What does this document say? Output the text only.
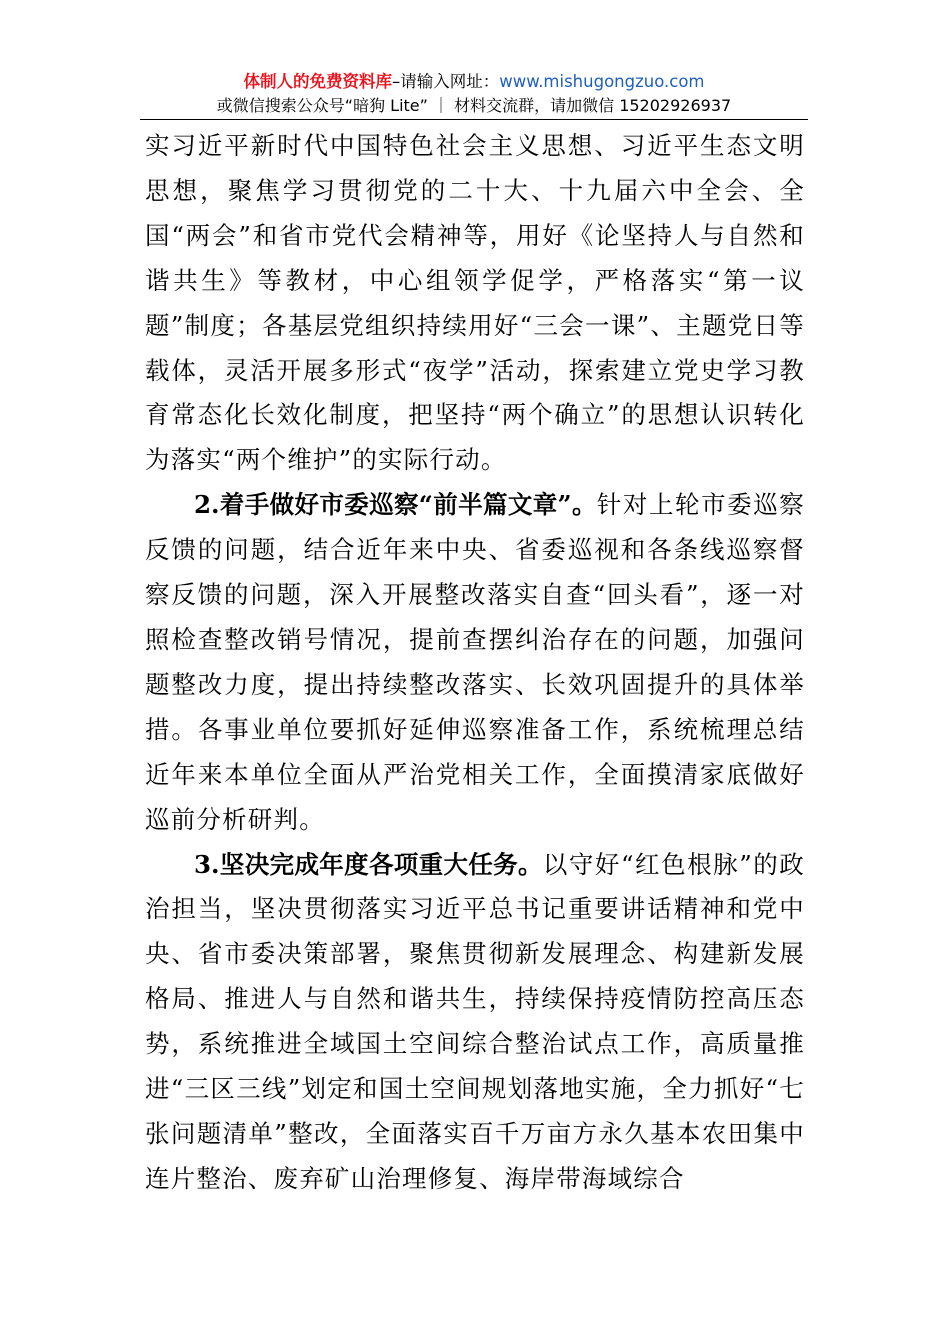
体制人的免费资料库–请输入网址：www.mishugongzuo.com
或微信搜索公众号“暗狗 Lite” ｜ 材料交流群，请加微信 15202926937

实习近平新时代中国特色社会主义思想、习近平生态文明思想，聚焦学习贯彻党的二十大、十九届六中全会、全国“两会”和省市党代会精神等，用好《论坚持人与自然和谐共生》等教材，中心组领学促学，严格落实“第一议题”制度；各基层党组织持续用好“三会一课”、主题党日等载体，灵活开展多形式“夜学”活动，探索建立党史学习教育常态化长效化制度，把坚持“两个确立”的思想认识转化为落实“两个维护”的实际行动。

2.着手做好市委巡察“前半篇文章”。针对上轮市委巡察反馈的问题，结合近年来中央、省委巡视和各条线巡察督察反馈的问题，深入开展整改落实自查“回头看”，逐一对照检查整改销号情况，提前查摆纠治存在的问题，加强问题整改力度，提出持续整改落实、长效巩固提升的具体举措。各事业单位要抓好延伸巡察准备工作，系统梳理总结近年来本单位全面从严治党相关工作，全面摸清家底做好巡前分析研判。

3.坚决完成年度各项重大任务。以守好“红色根脉”的政治担当，坚决贯彻落实习近平总书记重要讲话精神和党中央、省市委决策部署，聚焦贯彻新发展理念、构建新发展格局、推进人与自然和谐共生，持续保持疫情防控高压态势，系统推进全域国土空间综合整治试点工作，高质量推进“三区三线”划定和国土空间规划落地实施，全力抓好“七张问题清单”整改，全面落实百千万亩方永久基本农田集中连片整治、废弃矿山治理修复、海岸带海域综合
